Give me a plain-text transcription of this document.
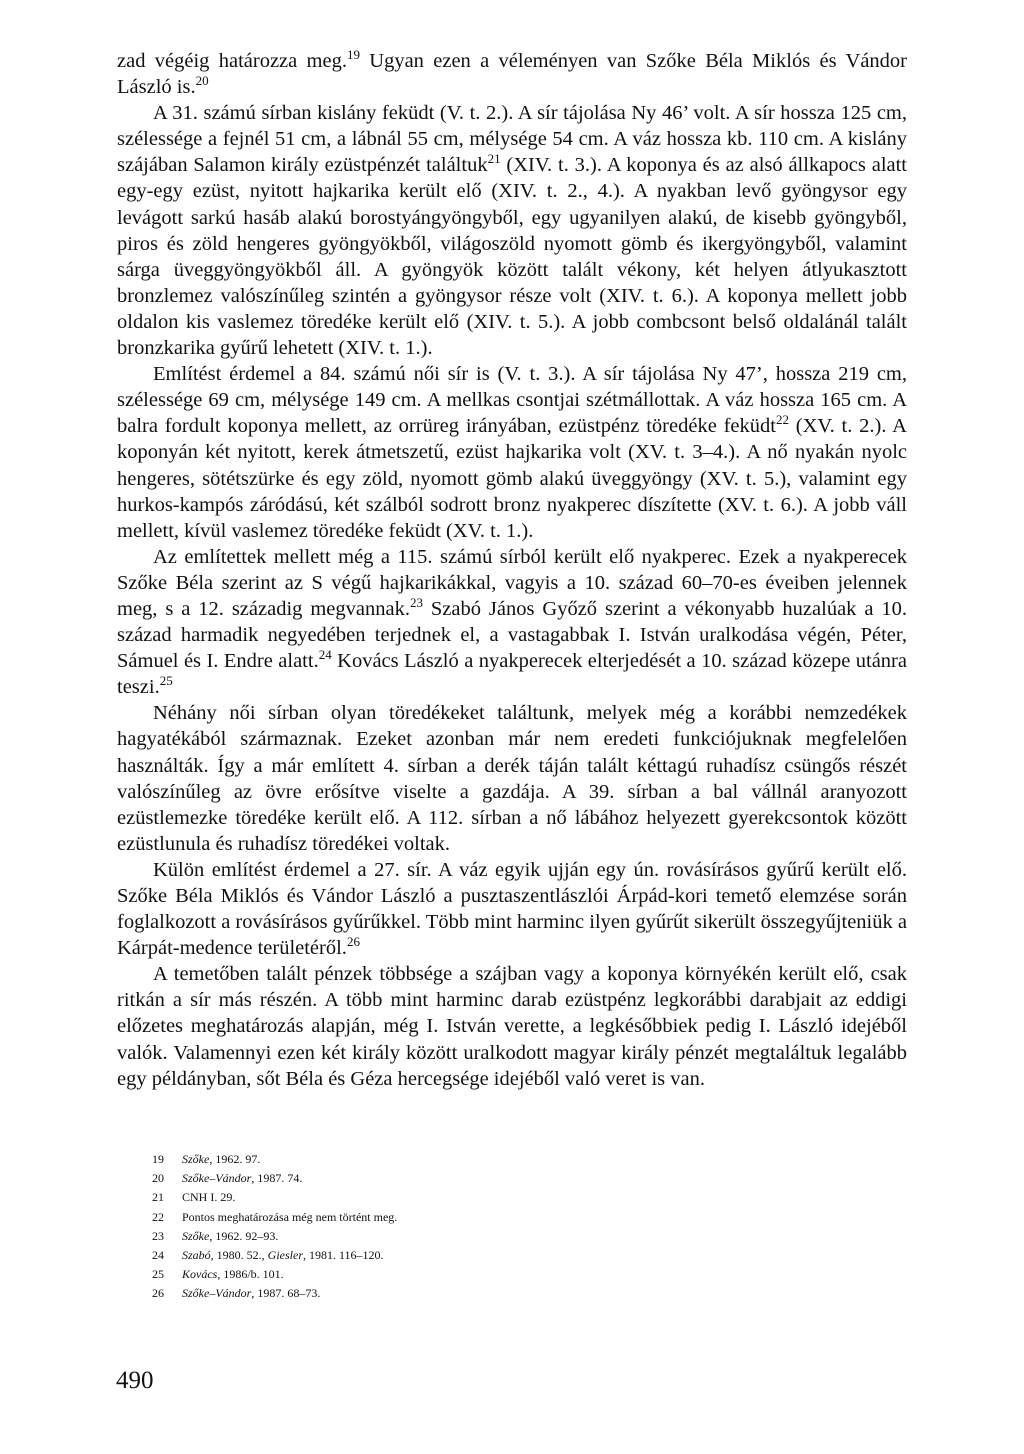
zad végéig határozza meg.$^{19}$ Ugyan ezen a véleményen van Szőke Béla Miklós és Vándor László is.$^{20}$

A 31. számú sírban kislány feküdt (V. t. 2.). A sír tájolása Ny 46’ volt. A sír hossza 125 cm, szélessége a fejnél 51 cm, a lábnál 55 cm, mélysége 54 cm. A váz hossza kb. 110 cm. A kislány szájában Salamon király ezüstpénzét találtuk$^{21}$ (XIV. t. 3.). A koponya és az alsó állkapocs alatt egy-egy ezüst, nyitott hajkarika került elő (XIV. t. 2., 4.). A nyakban levő gyöngysor egy levágott sarkú hasáb alakú borostyángyöngyből, egy ugyanilyen alakú, de kisebb gyöngyből, piros és zöld hengeres gyöngyökből, világoszöld nyomott gömb és ikergyöngyből, valamint sárga üveggyöngyökből áll. A gyöngyök között talált vékony, két helyen átlyukasztott bronzlemez valószínűleg szintén a gyöngysor része volt (XIV. t. 6.). A koponya mellett jobb oldalon kis vaslemez töredéke került elő (XIV. t. 5.). A jobb combcsont belső oldalánál talált bronzkarika gyűrű lehetett (XIV. t. 1.).

Említést érdemel a 84. számú női sír is (V. t. 3.). A sír tájolása Ny 47’, hossza 219 cm, szélessége 69 cm, mélysége 149 cm. A mellkas csontjai szétmállottak. A váz hossza 165 cm. A balra fordult koponya mellett, az orrüreg irányában, ezüstpénz töredéke feküdt$^{22}$ (XV. t. 2.). A koponyán két nyitott, kerek átmetszetű, ezüst hajkarika volt (XV. t. 3–4.). A nő nyakán nyolc hengeres, sötétszürke és egy zöld, nyomott gömb alakú üveggyöngy (XV. t. 5.), valamint egy hurkos-kampós záródású, két szálból sodrott bronz nyakperec díszítette (XV. t. 6.). A jobb váll mellett, kívül vaslemez töredéke feküdt (XV. t. 1.).

Az említettek mellett még a 115. számú sírból került elő nyakperec. Ezek a nyakperecek Szőke Béla szerint az S végű hajkarikákkal, vagyis a 10. század 60–70-es éveiben jelennek meg, s a 12. századig megvannak.$^{23}$ Szabó János Győző szerint a vékonyabb huzalúak a 10. század harmadik negyedében terjednek el, a vastagabbak I. István uralkodása végén, Péter, Sámuel és I. Endre alatt.$^{24}$ Kovács László a nyakperecek elterjedését a 10. század közepe utánra teszi.$^{25}$

Néhány női sírban olyan töredékeket találtunk, melyek még a korábbi nemzedékek hagyatékából származnak. Ezeket azonban már nem eredeti funkciójuknak megfelelően használták. Így a már említett 4. sírban a derék táján talált kéttagú ruhadísz csüngős részét valószínűleg az övre erősítve viselte a gazdája. A 39. sírban a bal vállnál aranyozott ezüstlemezke töredéke került elő. A 112. sírban a nő lábához helyezett gyerekcsontok között ezüstlunula és ruhadísz töredékei voltak.

Külön említést érdemel a 27. sír. A váz egyik ujján egy ún. rovásírásos gyűrű került elő. Szőke Béla Miklós és Vándor László a pusztaszentlászlói Árpád-kori temető elemzése során foglalkozott a rovásírásos gyűrűkkel. Több mint harminc ilyen gyűrűt sikerült összegyűjteniük a Kárpát-medence területéről.$^{26}$

A temetőben talált pénzek többsége a szájban vagy a koponya környékén került elő, csak ritkán a sír más részén. A több mint harminc darab ezüstpénz legkorábbi darabjait az eddigi előzetes meghatározás alapján, még I. István verette, a legkésőbbiek pedig I. László idejéből valók. Valamennyi ezen két király között uralkodott magyar király pénzét megtaláltuk legalább egy példányban, sőt Béla és Géza hercegsége idejéből való veret is van.

19	Szőke, 1962. 97.
20	Szőke–Vándor, 1987. 74.
21	CNH I. 29.
22	Pontos meghatározása még nem történt meg.
23	Szőke, 1962. 92–93.
24	Szabó, 1980. 52., Giesler, 1981. 116–120.
25	Kovács, 1986/b. 101.
26	Szőke–Vándor, 1987. 68–73.
490
